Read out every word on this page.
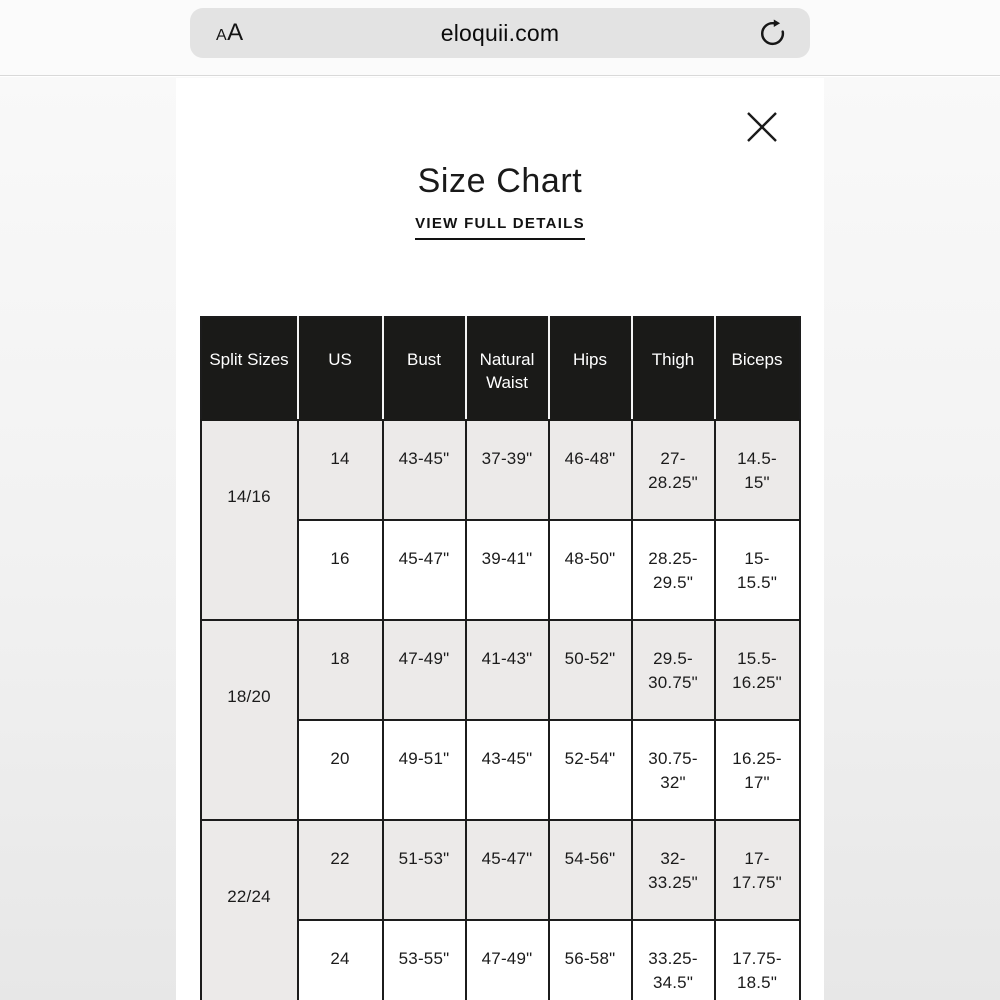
AA	eloquii.com
Size Chart
VIEW FULL DETAILS
Split Sizes	US	Bust	Natural Waist	Hips	Thigh	Biceps
14/16	14	43-45"	37-39"	46-48"	27-28.25"	14.5-15"
	16	45-47"	39-41"	48-50"	28.25-29.5"	15-15.5"
18/20	18	47-49"	41-43"	50-52"	29.5-30.75"	15.5-16.25"
	20	49-51"	43-45"	52-54"	30.75-32"	16.25-17"
22/24	22	51-53"	45-47"	54-56"	32-33.25"	17-17.75"
	24	53-55"	47-49"	56-58"	33.25-34.5"	17.75-18.5"
